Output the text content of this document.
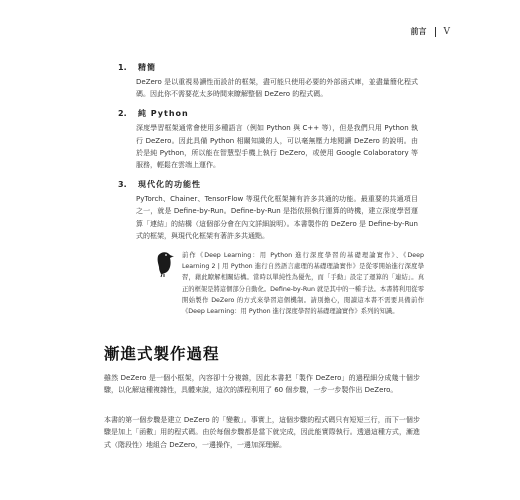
前言 V
1.	精簡
DeZero 是以重視易讀性而設計的框架，盡可能只使用必要的外部函式庫，並盡量簡化程式碼。因此你不需要花太多時間來瞭解整個 DeZero 的程式碼。
2.	純 Python
深度學習框架通常會使用多種語言（例如 Python 與 C++ 等），但是我們只用 Python 執行 DeZero。因此具備 Python 相關知識的人，可以毫無壓力地閱讀 DeZero 的說明。由於是純 Python，所以能在智慧型手機上執行 DeZero，或使用 Google Colaboratory 等服務，輕鬆在雲端上運作。
3.	現代化的功能性
PyTorch、Chainer、TensorFlow 等現代化框架擁有許多共通的功能。最重要的共通項目之一，就是 Define-by-Run。Define-by-Run 是指依照執行運算的時機，建立深度學習運算「連結」的結構（這個部分會在內文詳細說明）。本書製作的 DeZero 是 Define-by-Run 式的框架，與現代化框架有著許多共通點。
前作《Deep Learning：用 Python 進行深度學習的基礎理論實作》、《Deep Learning 2 | 用 Python 進行自然語言處理的基礎理論實作》是從零開始進行深度學習，藉此瞭解相關結構。當時以單純性為優先，而「手動」設定了運算的「連結」。真正的框架是將這個部分自動化。Define-by-Run 就是其中的一種手法。本書將利用從零開始製作 DeZero 的方式來學習這個機制。請別擔心，閱讀這本書不需要具備前作《Deep Learning：用 Python 進行深度學習的基礎理論實作》系列的知識。
漸進式製作過程
雖然 DeZero 是一個小框架，內容卻十分複雜，因此本書把「製作 DeZero」的過程細分成幾十個步驟，以化解這種複雜性，具體來說，這次的課程利用了 60 個步驟，一步一步製作出 DeZero。
本書的第一個步驟是建立 DeZero 的「變數」。事實上，這個步驟的程式碼只有短短三行，而下一個步驟是加上「函數」用的程式碼。由於每個步驟都是當下就完成，因此能實際執行。透過這種方式，漸進式（階段性）地組合 DeZero，一邊操作，一邊加深理解。
